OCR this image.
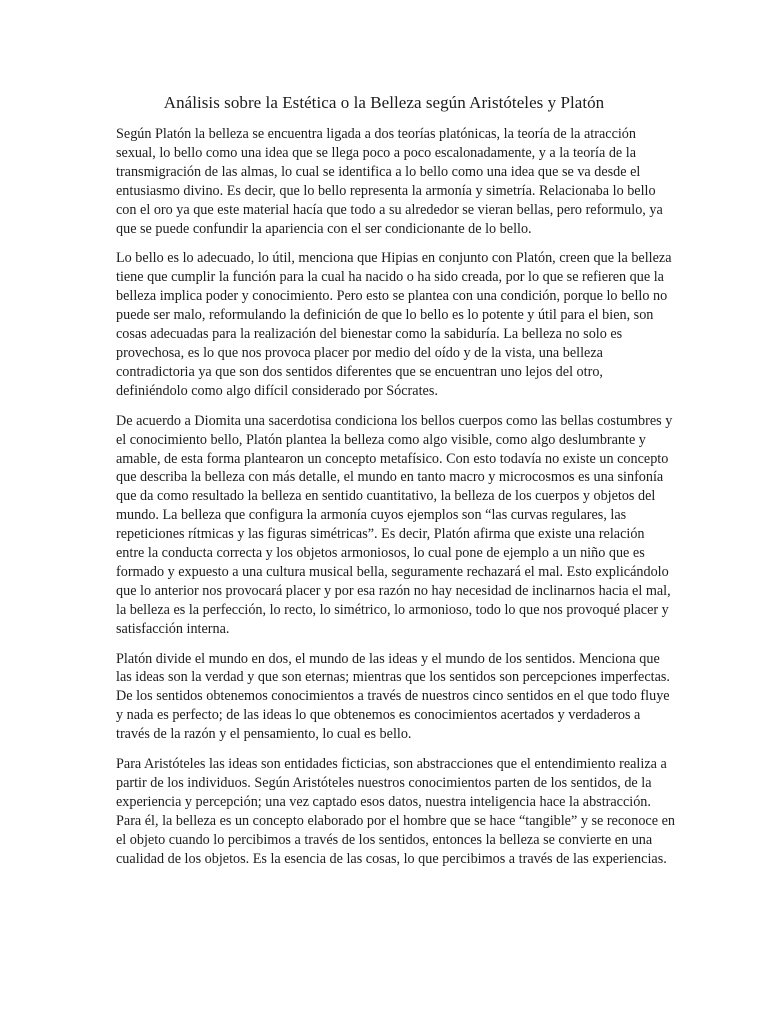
Análisis sobre la Estética o la Belleza según Aristóteles y Platón

Según Platón la belleza se encuentra ligada a dos teorías platónicas, la teoría de la atracción sexual, lo bello como una idea que se llega poco a poco escalonadamente, y a la teoría de la transmigración de las almas, lo cual se identifica a lo bello como una idea que se va desde el entusiasmo divino. Es decir, que lo bello representa la armonía y simetría. Relacionaba lo bello con el oro ya que este material hacía que todo a su alrededor se vieran bellas, pero reformulo, ya que se puede confundir la apariencia con el ser condicionante de lo bello.

Lo bello es lo adecuado, lo útil, menciona que Hipias en conjunto con Platón, creen que la belleza tiene que cumplir la función para la cual ha nacido o ha sido creada, por lo que se refieren que la belleza implica poder y conocimiento. Pero esto se plantea con una condición, porque lo bello no puede ser malo, reformulando la definición de que lo bello es lo potente y útil para el bien, son cosas adecuadas para la realización del bienestar como la sabiduría. La belleza no solo es provechosa, es lo que nos provoca placer por medio del oído y de la vista, una belleza contradictoria ya que son dos sentidos diferentes que se encuentran uno lejos del otro, definiéndolo como algo difícil considerado por Sócrates.

De acuerdo a Diomita una sacerdotisa condiciona los bellos cuerpos como las bellas costumbres y el conocimiento bello, Platón plantea la belleza como algo visible, como algo deslumbrante y amable, de esta forma plantearon un concepto metafísico. Con esto todavía no existe un concepto que describa la belleza con más detalle, el mundo en tanto macro y microcosmos es una sinfonía que da como resultado la belleza en sentido cuantitativo, la belleza de los cuerpos y objetos del mundo. La belleza que configura la armonía cuyos ejemplos son “las curvas regulares, las repeticiones rítmicas y las figuras simétricas”. Es decir, Platón afirma que existe una relación entre la conducta correcta y los objetos armoniosos, lo cual pone de ejemplo a un niño que es formado y expuesto a una cultura musical bella, seguramente rechazará el mal. Esto explicándolo que lo anterior nos provocará placer y por esa razón no hay necesidad de inclinarnos hacia el mal, la belleza es la perfección, lo recto, lo simétrico, lo armonioso, todo lo que nos provoqué placer y satisfacción interna.

Platón divide el mundo en dos, el mundo de las ideas y el mundo de los sentidos. Menciona que las ideas son la verdad y que son eternas; mientras que los sentidos son percepciones imperfectas. De los sentidos obtenemos conocimientos a través de nuestros cinco sentidos en el que todo fluye y nada es perfecto; de las ideas lo que obtenemos es conocimientos acertados y verdaderos a través de la razón y el pensamiento, lo cual es bello.

Para Aristóteles las ideas son entidades ficticias, son abstracciones que el entendimiento realiza a partir de los individuos. Según Aristóteles nuestros conocimientos parten de los sentidos, de la experiencia y percepción; una vez captado esos datos, nuestra inteligencia hace la abstracción. Para él, la belleza es un concepto elaborado por el hombre que se hace “tangible” y se reconoce en el objeto cuando lo percibimos a través de los sentidos, entonces la belleza se convierte en una cualidad de los objetos. Es la esencia de las cosas, lo que percibimos a través de las experiencias.
